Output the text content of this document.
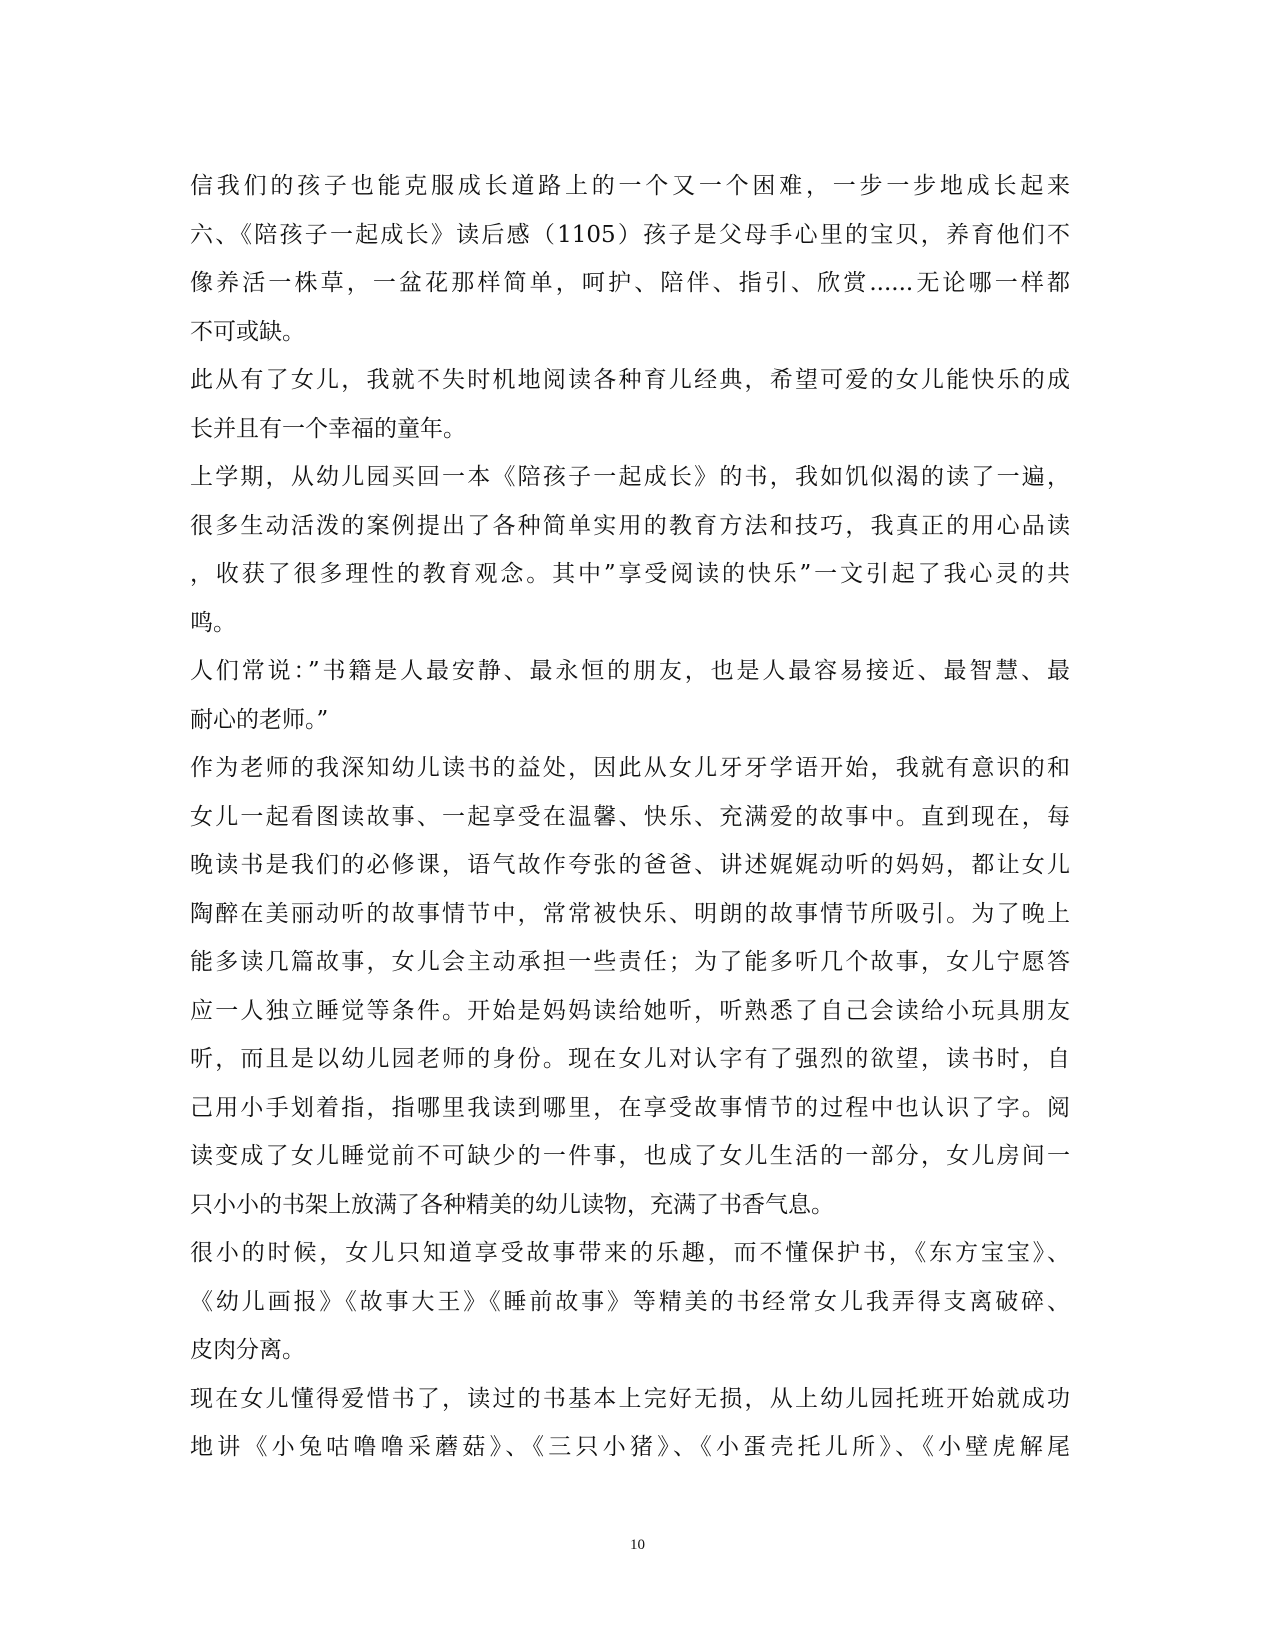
信我们的孩子也能克服成长道路上的一个又一个困难，一步一步地成长起来
六、《陪孩子一起成长》读后感（1105）孩子是父母手心里的宝贝，养育他们不
像养活一株草，一盆花那样简单，呵护、陪伴、指引、欣赏......无论哪一样都
不可或缺。
此从有了女儿，我就不失时机地阅读各种育儿经典，希望可爱的女儿能快乐的成
长并且有一个幸福的童年。
上学期，从幼儿园买回一本《陪孩子一起成长》的书，我如饥似渴的读了一遍，
很多生动活泼的案例提出了各种简单实用的教育方法和技巧，我真正的用心品读
，收获了很多理性的教育观念。其中”享受阅读的快乐”一文引起了我心灵的共
鸣。
人们常说：”书籍是人最安静、最永恒的朋友，也是人最容易接近、最智慧、最
耐心的老师。”
作为老师的我深知幼儿读书的益处，因此从女儿牙牙学语开始，我就有意识的和
女儿一起看图读故事、一起享受在温馨、快乐、充满爱的故事中。直到现在，每
晚读书是我们的必修课，语气故作夸张的爸爸、讲述娓娓动听的妈妈，都让女儿
陶醉在美丽动听的故事情节中，常常被快乐、明朗的故事情节所吸引。为了晚上
能多读几篇故事，女儿会主动承担一些责任；为了能多听几个故事，女儿宁愿答
应一人独立睡觉等条件。开始是妈妈读给她听，听熟悉了自己会读给小玩具朋友
听，而且是以幼儿园老师的身份。现在女儿对认字有了强烈的欲望，读书时，自
己用小手划着指，指哪里我读到哪里，在享受故事情节的过程中也认识了字。阅
读变成了女儿睡觉前不可缺少的一件事，也成了女儿生活的一部分，女儿房间一
只小小的书架上放满了各种精美的幼儿读物，充满了书香气息。
很小的时候，女儿只知道享受故事带来的乐趣，而不懂保护书，《东方宝宝》、
《幼儿画报》《故事大王》《睡前故事》等精美的书经常女儿我弄得支离破碎、
皮肉分离。
现在女儿懂得爱惜书了，读过的书基本上完好无损，从上幼儿园托班开始就成功
地讲《小兔咕噜噜采蘑菇》、《三只小猪》、《小蛋壳托儿所》、《小壁虎解尾
10
